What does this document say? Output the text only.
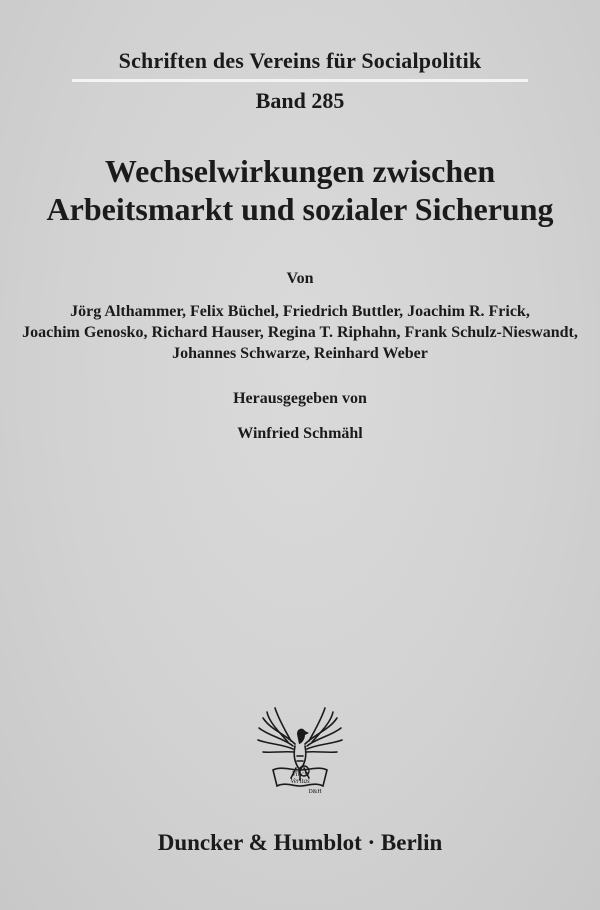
Schriften des Vereins für Socialpolitik
Band 285
Wechselwirkungen zwischen
Arbeitsmarkt und sozialer Sicherung
Von
Jörg Althammer, Felix Büchel, Friedrich Buttler, Joachim R. Frick,
Joachim Genosko, Richard Hauser, Regina T. Riphahn, Frank Schulz-Nieswandt,
Johannes Schwarze, Reinhard Weber
Herausgegeben von
Winfried Schmähl
Vincit
Veritas
D&H
Duncker & Humblot · Berlin
